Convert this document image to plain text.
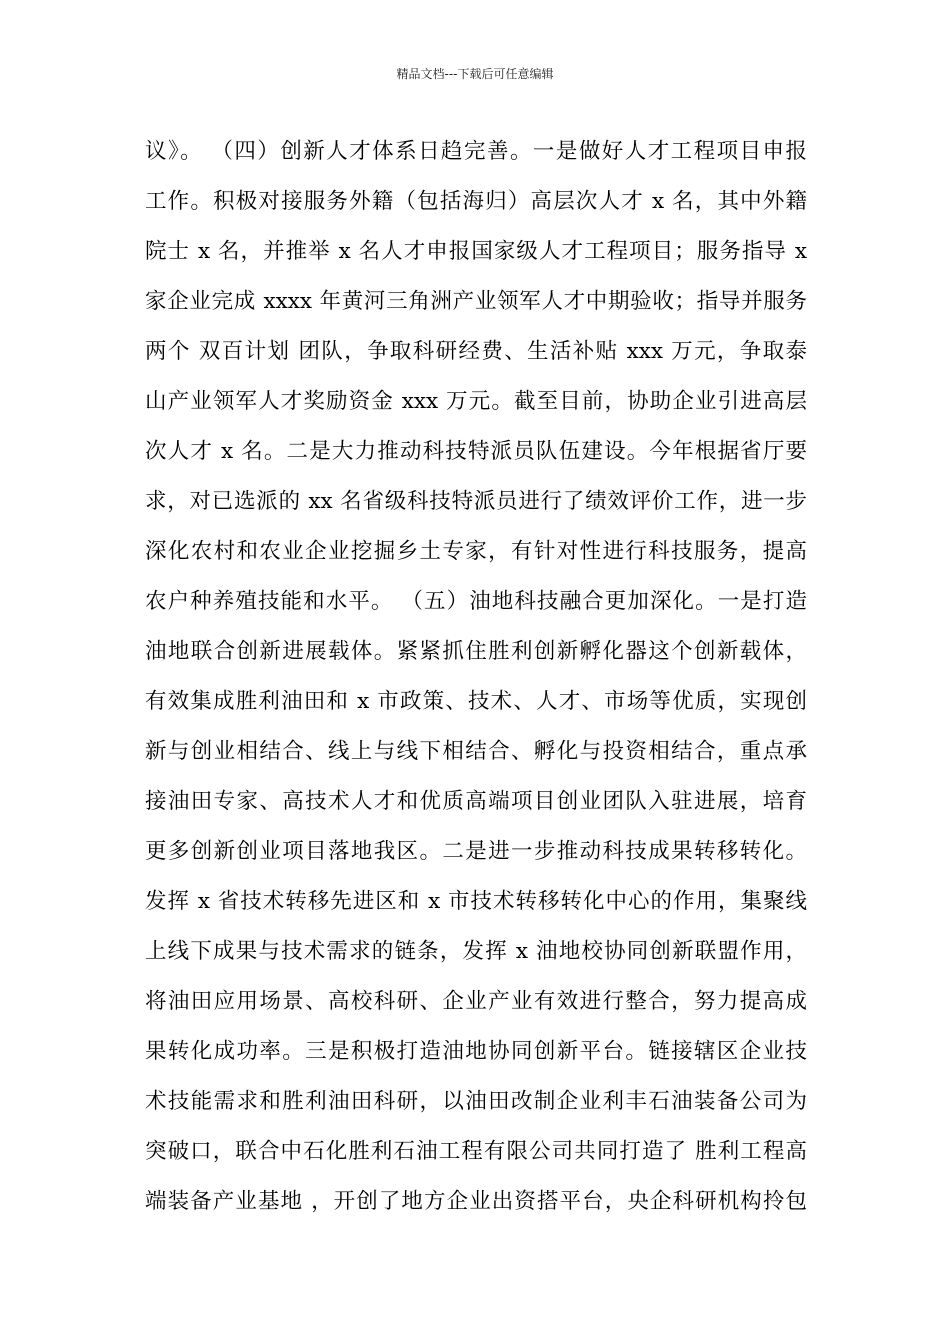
精品文档---下载后可任意编辑
议》。 （四）创新人才体系日趋完善。一是做好人才工程项目申报
工作。积极对接服务外籍（包括海归）高层次人才 x 名，其中外籍
院士 x 名，并推举 x 名人才申报国家级人才工程项目；服务指导 x
家企业完成 xxxx 年黄河三角洲产业领军人才中期验收；指导并服务
两个 双百计划 团队，争取科研经费、生活补贴 xxx 万元，争取泰
山产业领军人才奖励资金 xxx 万元。截至目前，协助企业引进高层
次人才 x 名。二是大力推动科技特派员队伍建设。今年根据省厅要
求，对已选派的 xx 名省级科技特派员进行了绩效评价工作，进一步
深化农村和农业企业挖掘乡土专家，有针对性进行科技服务，提高
农户种养殖技能和水平。 （五）油地科技融合更加深化。一是打造
油地联合创新进展载体。紧紧抓住胜利创新孵化器这个创新载体，
有效集成胜利油田和 x 市政策、技术、人才、市场等优质，实现创
新与创业相结合、线上与线下相结合、孵化与投资相结合，重点承
接油田专家、高技术人才和优质高端项目创业团队入驻进展，培育
更多创新创业项目落地我区。二是进一步推动科技成果转移转化。
发挥 x 省技术转移先进区和 x 市技术转移转化中心的作用，集聚线
上线下成果与技术需求的链条，发挥 x 油地校协同创新联盟作用，
将油田应用场景、高校科研、企业产业有效进行整合，努力提高成
果转化成功率。三是积极打造油地协同创新平台。链接辖区企业技
术技能需求和胜利油田科研，以油田改制企业利丰石油装备公司为
突破口，联合中石化胜利石油工程有限公司共同打造了 胜利工程高
端装备产业基地 ，开创了地方企业出资搭平台，央企科研机构拎包
